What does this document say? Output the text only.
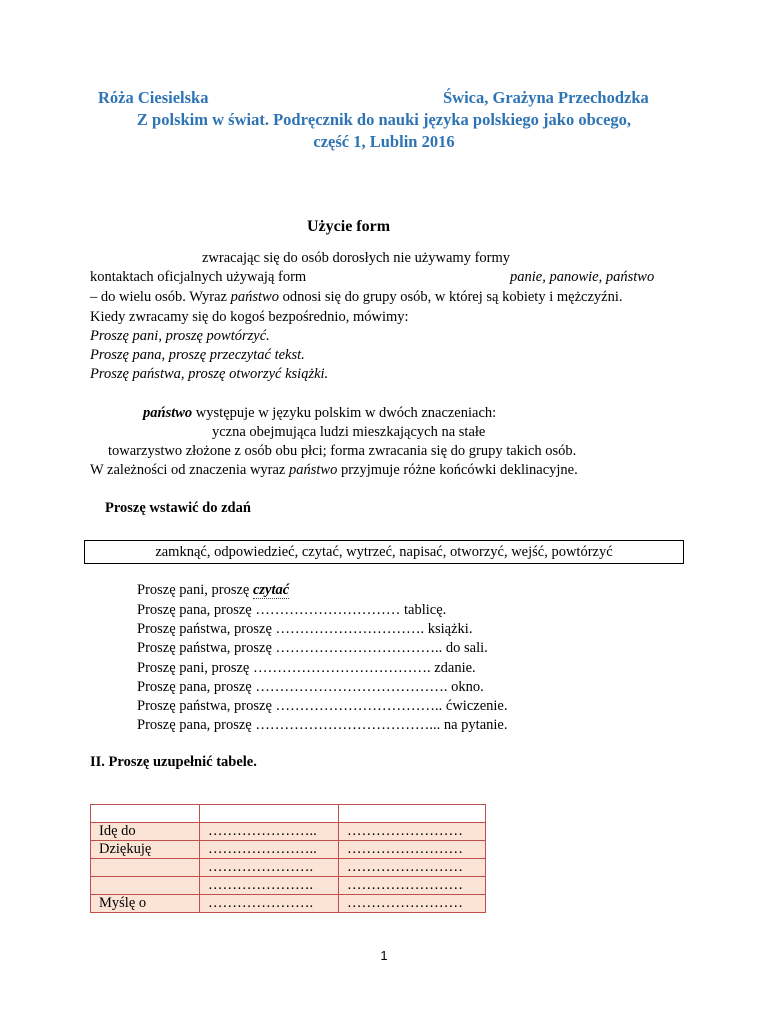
Róża Ciesielska	Świca, Grażyna Przechodzka
Z polskim w świat. Podręcznik do nauki języka polskiego jako obcego,
część 1, Lublin 2016
Użycie form
zwracając się do osób dorosłych nie używamy formy
kontaktach oficjalnych używają form	panie, panowie, państwo
– do wielu osób. Wyraz państwo odnosi się do grupy osób, w której są kobiety i mężczyźni.
Kiedy zwracamy się do kogoś bezpośrednio, mówimy:
Proszę pani, proszę powtórzyć.
Proszę pana, proszę przeczytać tekst.
Proszę państwa, proszę otworzyć książki.
państwo występuje w języku polskim w dwóch znaczeniach:
yczna obejmująca ludzi mieszkających na stałe
towarzystwo złożone z osób obu płci; forma zwracania się do grupy takich osób.
W zależności od znaczenia wyraz państwo przyjmuje różne końcówki deklinacyjne.
Proszę wstawić do zdań
zamknąć, odpowiedzieć, czytać, wytrzeć, napisać, otworzyć, wejść, powtórzyć
Proszę pani, proszę czytać
Proszę pana, proszę ………………………… tablicę.
Proszę państwa, proszę …………………………. książki.
Proszę państwa, proszę …………………………….. do sali.
Proszę pani, proszę ………………………………. zdanie.
Proszę pana, proszę …………………………………. okno.
Proszę państwa, proszę …………………………….. ćwiczenie.
Proszę pana, proszę ………………………………... na pytanie.
II. Proszę uzupełnić tabele.

Idę do	…………………..	……………………
Dziękuję	…………………..	……………………
	………………….	……………………
	………………….	……………………
Myślę o	………………….	……………………
1
